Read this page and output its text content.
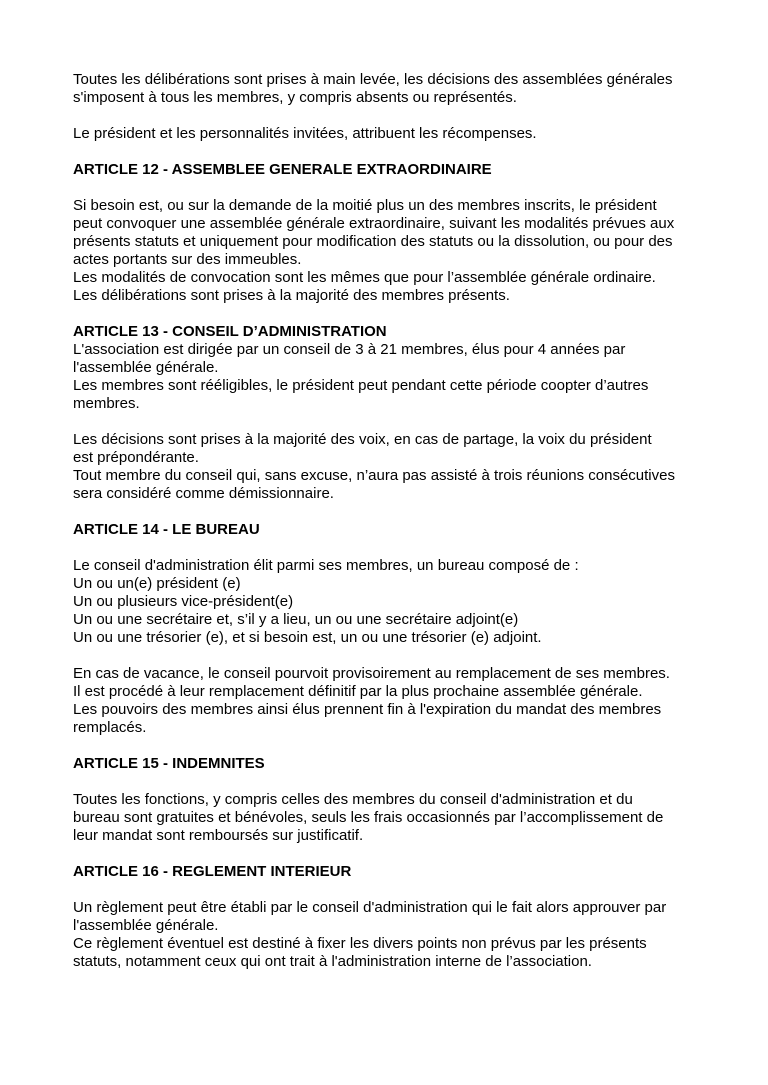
Toutes les délibérations sont prises à main levée, les décisions des assemblées générales
s'imposent à tous les membres, y compris absents ou représentés.
Le président et les personnalités invitées, attribuent les récompenses.
ARTICLE 12 - ASSEMBLEE GENERALE EXTRAORDINAIRE
Si besoin est, ou sur la demande de la moitié plus un des membres inscrits, le président
peut convoquer une assemblée générale extraordinaire, suivant les modalités prévues aux
présents statuts et uniquement pour modification des statuts ou la dissolution, ou pour des
actes portants sur des immeubles.
Les modalités de convocation sont les mêmes que pour l’assemblée générale ordinaire.
Les délibérations sont prises à la majorité des membres présents.
ARTICLE 13 - CONSEIL D’ADMINISTRATION
L'association est dirigée par un conseil de 3 à 21 membres, élus pour 4 années par
l'assemblée générale.
Les membres sont rééligibles, le président peut pendant cette période coopter d’autres
membres.
Les décisions sont prises à la majorité des voix, en cas de partage, la voix du président
est prépondérante.
Tout membre du conseil qui, sans excuse, n’aura pas assisté à trois réunions consécutives
sera considéré comme démissionnaire.
ARTICLE 14 - LE BUREAU
Le conseil d'administration élit parmi ses membres, un bureau composé de :
Un ou un(e) président (e)
Un ou plusieurs vice-président(e)
Un ou une secrétaire et, s’il y a lieu, un ou une secrétaire adjoint(e)
Un ou une trésorier (e), et si besoin est, un ou une trésorier (e) adjoint.
En cas de vacance, le conseil pourvoit provisoirement au remplacement de ses membres.
Il est procédé à leur remplacement définitif par la plus prochaine assemblée générale.
Les pouvoirs des membres ainsi élus prennent fin à l'expiration du mandat des membres
remplacés.
ARTICLE 15 - INDEMNITES
Toutes les fonctions, y compris celles des membres du conseil d'administration et du
bureau sont gratuites et bénévoles, seuls les frais occasionnés par l’accomplissement de
leur mandat sont remboursés sur justificatif.
ARTICLE 16 - REGLEMENT INTERIEUR
Un règlement peut être établi par le conseil d'administration qui le fait alors approuver par
l'assemblée générale.
Ce règlement éventuel est destiné à fixer les divers points non prévus par les présents
statuts, notamment ceux qui ont trait à l'administration interne de l’association.
